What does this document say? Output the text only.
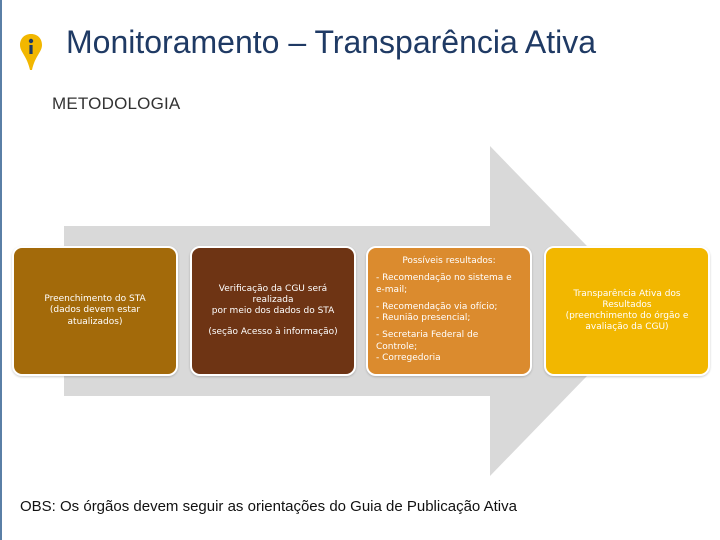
Monitoramento – Transparência Ativa
METODOLOGIA
Preenchimento do STA
(dados devem estar atualizados)
Verificação da CGU será realizada
por meio dos dados do STA
(seção Acesso à informação)
Possíveis resultados:
- Recomendação no sistema e e-mail;
- Recomendação via ofício;
- Reunião presencial;
- Secretaria Federal de Controle;
- Corregedoria
Transparência Ativa dos
Resultados
(preenchimento do órgão e
avaliação da CGU)
OBS: Os órgãos devem seguir as orientações do Guia de Publicação Ativa
